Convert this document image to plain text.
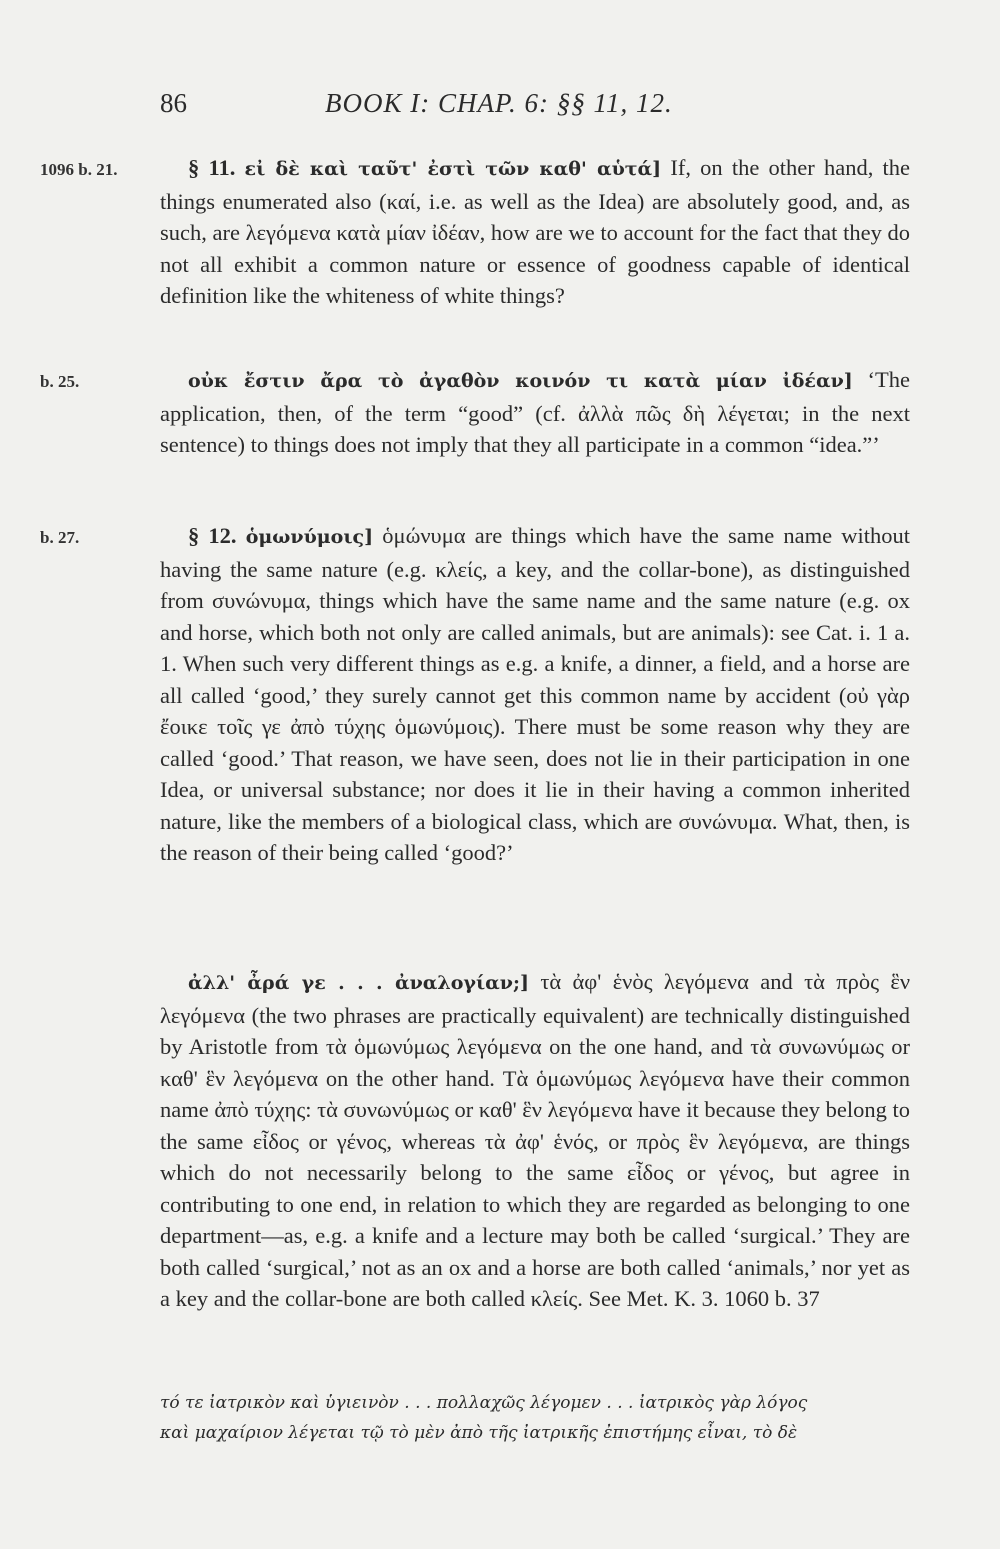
86	BOOK I: CHAP. 6: §§ 11, 12.
1096 b. 21.	§ 11. εἰ δὲ καὶ ταῦτ' ἐστὶ τῶν καθ' αὑτά] If, on the other hand, the things enumerated also (καί, i.e. as well as the Idea) are absolutely good, and, as such, are λεγόμενα κατὰ μίαν ἰδέαν, how are we to account for the fact that they do not all exhibit a common nature or essence of goodness capable of identical definition like the whiteness of white things?
b. 25.	οὐκ ἔστιν ἄρα τὸ ἀγαθὸν κοινόν τι κατὰ μίαν ἰδέαν] ‘The application, then, of the term “good” (cf. ἀλλὰ πῶς δὴ λέγεται; in the next sentence) to things does not imply that they all participate in a common “idea.”’
b. 27.	§ 12. ὁμωνύμοις] ὁμώνυμα are things which have the same name without having the same nature (e.g. κλείς, a key, and the collar-bone), as distinguished from συνώνυμα, things which have the same name and the same nature (e.g. ox and horse, which both not only are called animals, but are animals): see Cat. i. 1 a. 1. When such very different things as e.g. a knife, a dinner, a field, and a horse are all called ‘good,’ they surely cannot get this common name by accident (οὐ γὰρ ἔοικε τοῖς γε ἀπὸ τύχης ὁμωνύμοις). There must be some reason why they are called ‘good.’ That reason, we have seen, does not lie in their participation in one Idea, or universal substance; nor does it lie in their having a common inherited nature, like the members of a biological class, which are συνώνυμα. What, then, is the reason of their being called ‘good?’
ἀλλ' ἆρά γε . . . ἀναλογίαν;] τὰ ἀφ' ἑνὸς λεγόμενα and τὰ πρὸς ἓν λεγόμενα (the two phrases are practically equivalent) are technically distinguished by Aristotle from τὰ ὁμωνύμως λεγόμενα on the one hand, and τὰ συνωνύμως or καθ' ἓν λεγόμενα on the other hand. Τὰ ὁμωνύμως λεγόμενα have their common name ἀπὸ τύχης: τὰ συνωνύμως or καθ' ἓν λεγόμενα have it because they belong to the same εἶδος or γένος, whereas τὰ ἀφ' ἑνός, or πρὸς ἓν λεγόμενα, are things which do not necessarily belong to the same εἶδος or γένος, but agree in contributing to one end, in relation to which they are regarded as belonging to one department—as, e.g. a knife and a lecture may both be called ‘surgical.’ They are both called ‘surgical,’ not as an ox and a horse are both called ‘animals,’ nor yet as a key and the collar-bone are both called κλείς. See Met. K. 3. 1060 b. 37
τό τε ἰατρικὸν καὶ ὑγιεινὸν . . . πολλαχῶς λέγομεν . . . ἰατρικὸς γὰρ λόγος
καὶ μαχαίριον λέγεται τῷ τὸ μὲν ἀπὸ τῆς ἰατρικῆς ἐπιστήμης εἶναι, τὸ δὲ
